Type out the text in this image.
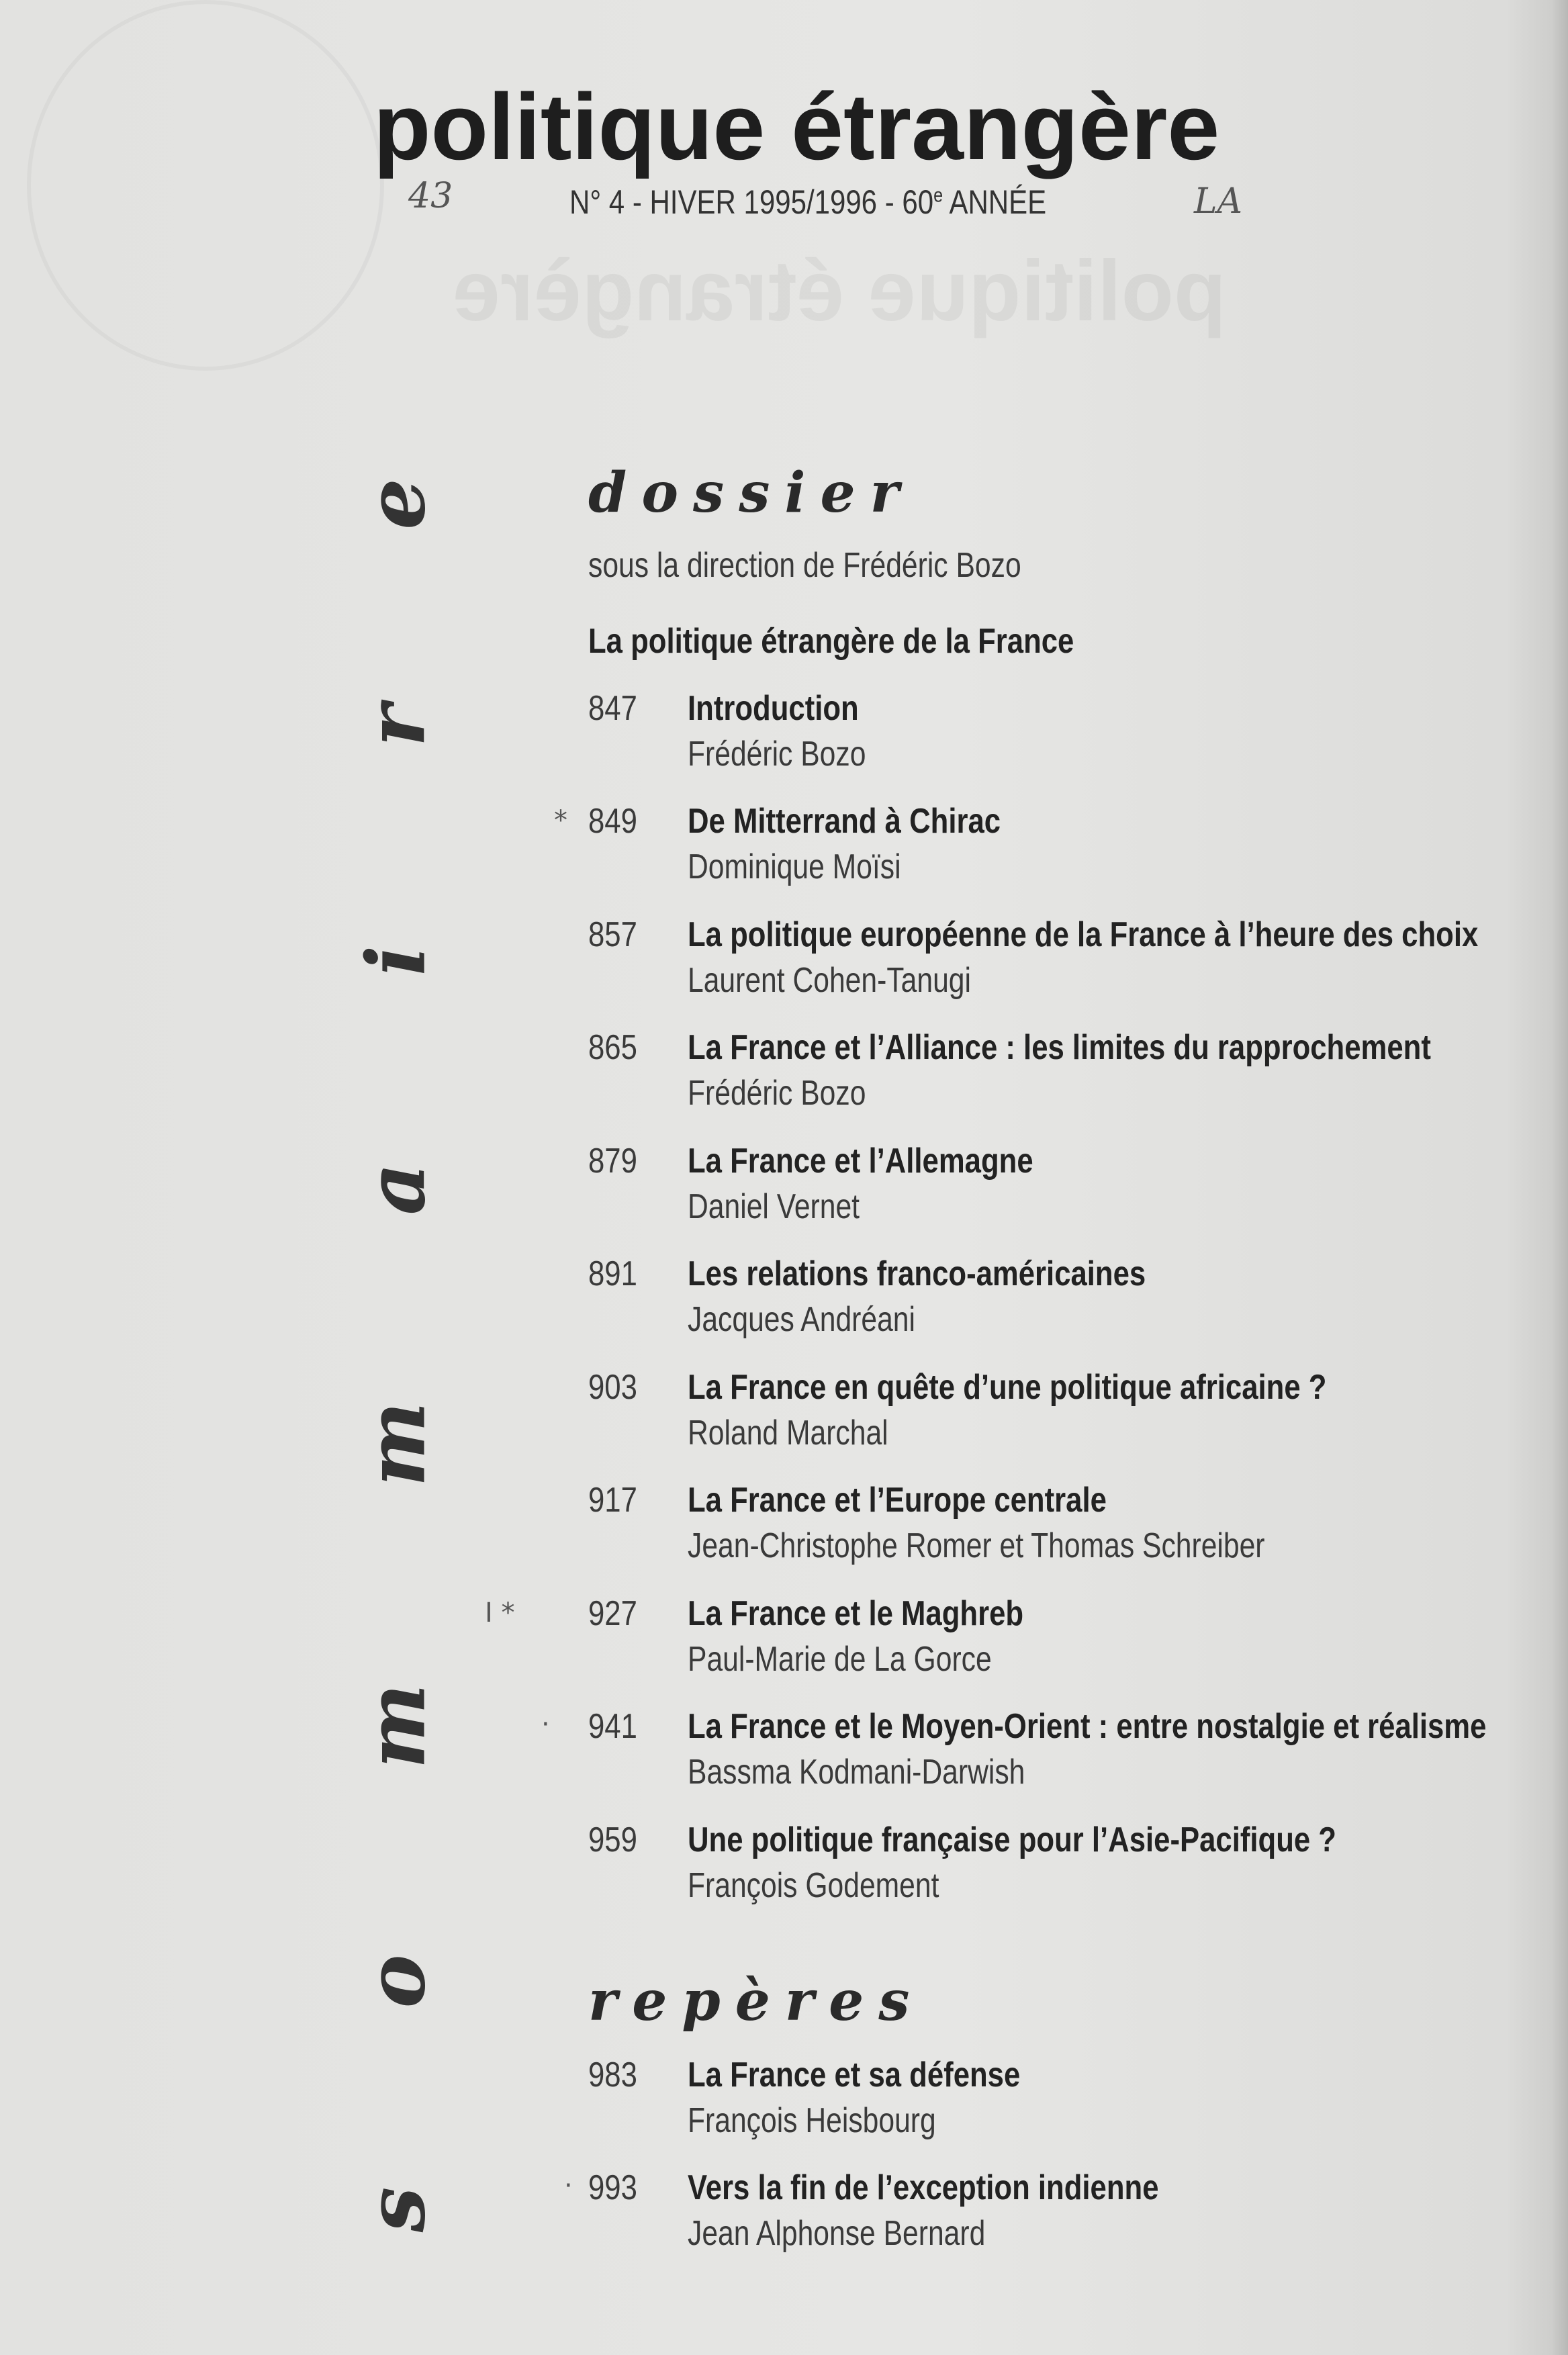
politique étrangère
politique étrangère
43	N° 4 - HIVER 1995/1996 - 60e ANNÉE	LA
e
r
i
a
m
m
o
s
dossier
sous la direction de Frédéric Bozo
La politique étrangère de la France
847 Introduction
Frédéric Bozo
* 849 De Mitterrand à Chirac
Dominique Moïsi
857 La politique européenne de la France à l’heure des choix
Laurent Cohen-Tanugi
865 La France et l’Alliance : les limites du rapprochement
Frédéric Bozo
879 La France et l’Allemagne
Daniel Vernet
891 Les relations franco-américaines
Jacques Andréani
903 La France en quête d’une politique africaine ?
Roland Marchal
917 La France et l’Europe centrale
Jean-Christophe Romer et Thomas Schreiber
I * 927 La France et le Maghreb
Paul-Marie de La Gorce
· 941 La France et le Moyen-Orient : entre nostalgie et réalisme
Bassma Kodmani-Darwish
959 Une politique française pour l’Asie-Pacifique ?
François Godement
repères
983 La France et sa défense
François Heisbourg
· 993 Vers la fin de l’exception indienne
Jean Alphonse Bernard
